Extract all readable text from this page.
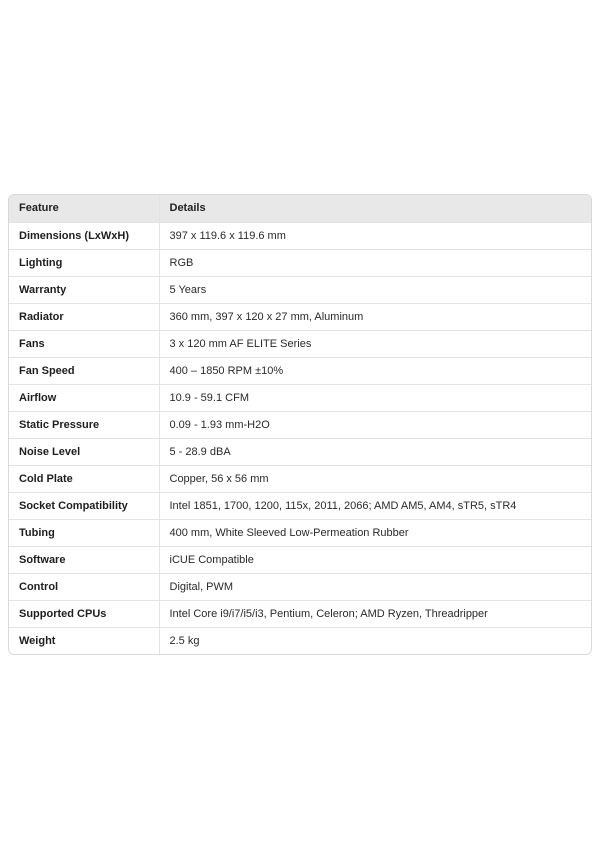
Feature	Details
Dimensions (LxWxH)	397 x 119.6 x 119.6 mm
Lighting	RGB
Warranty	5 Years
Radiator	360 mm, 397 x 120 x 27 mm, Aluminum
Fans	3 x 120 mm AF ELITE Series
Fan Speed	400 – 1850 RPM ±10%
Airflow	10.9 - 59.1 CFM
Static Pressure	0.09 - 1.93 mm-H2O
Noise Level	5 - 28.9 dBA
Cold Plate	Copper, 56 x 56 mm
Socket Compatibility	Intel 1851, 1700, 1200, 115x, 2011, 2066; AMD AM5, AM4, sTR5, sTR4
Tubing	400 mm, White Sleeved Low-Permeation Rubber
Software	iCUE Compatible
Control	Digital, PWM
Supported CPUs	Intel Core i9/i7/i5/i3, Pentium, Celeron; AMD Ryzen, Threadripper
Weight	2.5 kg
